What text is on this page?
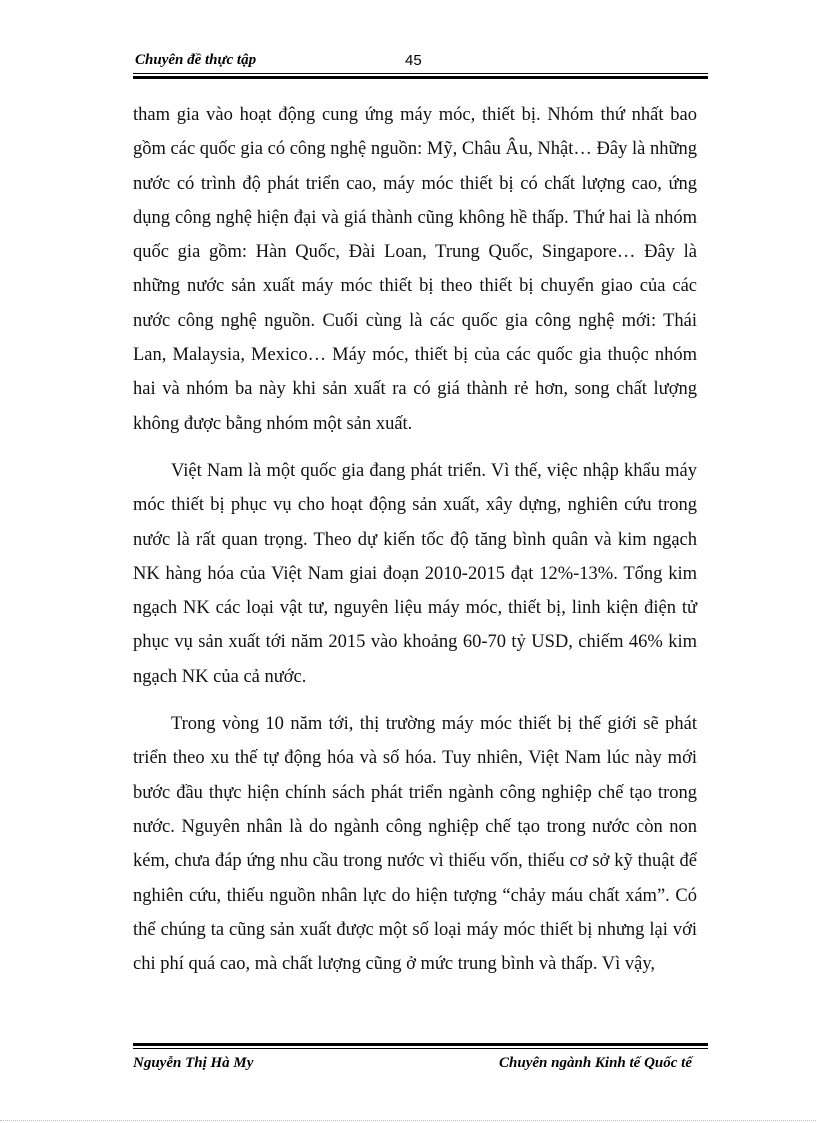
Chuyên đề thực tập	45

tham gia vào hoạt động cung ứng máy móc, thiết bị. Nhóm thứ nhất bao gồm các quốc gia có công nghệ nguồn: Mỹ, Châu Âu, Nhật… Đây là những nước có trình độ phát triển cao, máy móc thiết bị có chất lượng cao, ứng dụng công nghệ hiện đại và giá thành cũng không hề thấp. Thứ hai là nhóm quốc gia gồm: Hàn Quốc, Đài Loan, Trung Quốc, Singapore… Đây là những nước sản xuất máy móc thiết bị theo thiết bị chuyển giao của các nước công nghệ nguồn. Cuối cùng là các quốc gia công nghệ mới: Thái Lan, Malaysia, Mexico… Máy móc, thiết bị của các quốc gia thuộc nhóm hai và nhóm ba này khi sản xuất ra có giá thành rẻ hơn, song chất lượng không được bằng nhóm một sản xuất.

Việt Nam là một quốc gia đang phát triển. Vì thế, việc nhập khẩu máy móc thiết bị phục vụ cho hoạt động sản xuất, xây dựng, nghiên cứu trong nước là rất quan trọng. Theo dự kiến tốc độ tăng bình quân và kim ngạch NK hàng hóa của Việt Nam giai đoạn 2010-2015 đạt 12%-13%. Tổng kim ngạch NK các loại vật tư, nguyên liệu máy móc, thiết bị, linh kiện điện tử phục vụ sản xuất tới năm 2015 vào khoảng 60-70 tỷ USD, chiếm 46% kim ngạch NK của cả nước.

Trong vòng 10 năm tới, thị trường máy móc thiết bị thế giới sẽ phát triển theo xu thế tự động hóa và số hóa. Tuy nhiên, Việt Nam lúc này mới bước đầu thực hiện chính sách phát triển ngành công nghiệp chế tạo trong nước. Nguyên nhân là do ngành công nghiệp chế tạo trong nước còn non kém, chưa đáp ứng nhu cầu trong nước vì thiếu vốn, thiếu cơ sở kỹ thuật để nghiên cứu, thiếu nguồn nhân lực do hiện tượng “chảy máu chất xám”. Có thể chúng ta cũng sản xuất được một số loại máy móc thiết bị nhưng lại với chi phí quá cao, mà chất lượng cũng ở mức trung bình và thấp. Vì vậy,

Nguyễn Thị Hà My	Chuyên ngành Kinh tế Quốc tế
